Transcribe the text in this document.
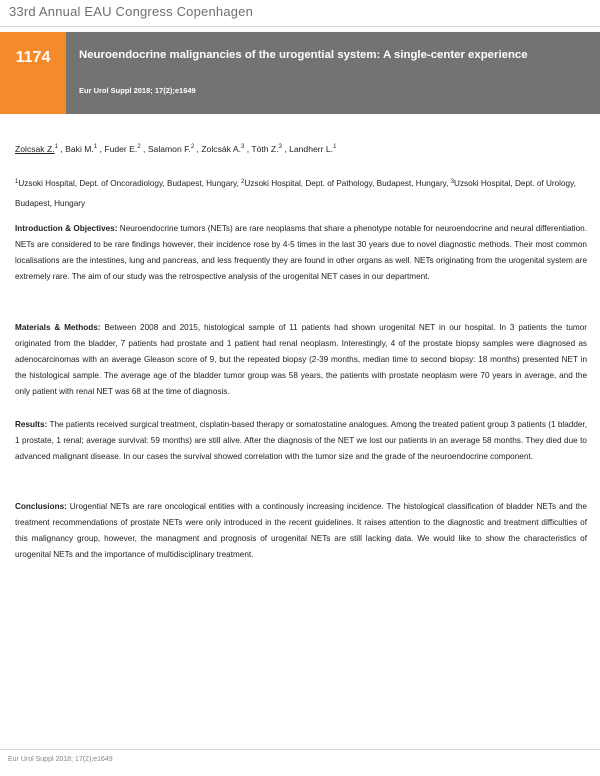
33rd Annual EAU Congress Copenhagen
Neuroendocrine malignancies of the urogential system: A single-center experience
Eur Urol Suppl 2018; 17(2);e1649
1174
Zolcsak Z.$^1$ , Baki M.$^1$ , Fuder E.$^2$ , Salamon F.$^2$ , Zolcsák A.$^3$ , Tóth Z.$^3$ , Landherr L.$^1$
$^1$Uzsoki Hospital, Dept. of Oncoradiology, Budapest, Hungary, $^2$Uzsoki Hospital, Dept. of Pathology, Budapest, Hungary, $^3$Uzsoki Hospital, Dept. of Urology, Budapest, Hungary
Introduction & Objectives: Neuroendocrine tumors (NETs) are rare neoplasms that share a phenotype notable for neuroendocrine and neural differentiation. NETs are considered to be rare findings however, their incidence rose by 4-5 times in the last 30 years due to novel diagnostic methods. Their most common localisations are the intestines, lung and pancreas, and less frequently they are found in other organs as well. NETs originating from the urogenital system are extremely rare. The aim of our study was the retrospective analysis of the urogenital NET cases in our department.
Materials & Methods: Between 2008 and 2015, histological sample of 11 patients had shown urogenital NET in our hospital. In 3 patients the tumor originated from the bladder, 7 patients had prostate and 1 patient had renal neoplasm. Interestingly, 4 of the prostate biopsy samples were diagnosed as adenocarcinomas with an average Gleason score of 9, but the repeated biopsy (2-39 months, median time to second biopsy: 18 months) presented NET in the histological sample. The average age of the bladder tumor group was 58 years, the patients with prostate neoplasm were 70 years in average, and the only patient with renal NET was 68 at the time of diagnosis.
Results: The patients received surgical treatment, cisplatin-based therapy or somatostatine analogues. Among the treated patient group 3 patients (1 bladder, 1 prostate, 1 renal; average survival: 59 months) are still alive. After the diagnosis of the NET we lost our patients in an average 58 months. They died due to advanced malignant disease. In our cases the survival showed correlation with the tumor size and the grade of the neuroendocrine component.
Conclusions: Urogential NETs are rare oncological entities with a continously increasing incidence. The histological classification of bladder NETs and the treatment recommendations of prostate NETs were only introduced in the recent guidelines. It raises attention to the diagnostic and treatment difficulties of this malignancy group, however, the managment and prognosis of urogenital NETs are still lacking data. We would like to show the characteristics of urogenital NETs and the importance of multidisciplinary treatment.
Eur Urol Suppl 2018; 17(2);e1649
